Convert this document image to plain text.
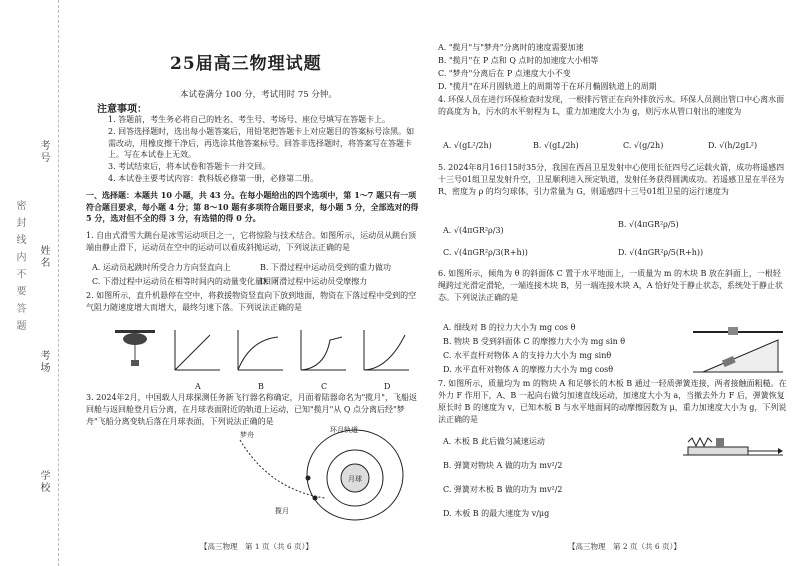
考号
姓名
考场
学校
密 封 线 内 不 要 答 题
25届高三物理试题
本试卷满分 100 分，考试用时 75 分钟。
注意事项：
1. 答题前，考生务必将自己的姓名、考生号、考场号、座位号填写在答题卡上。
2. 回答选择题时，选出每小题答案后，用铅笔把答题卡上对应题目的答案标号涂黑。如需改动，用橡皮擦干净后，再选涂其他答案标号。回答非选择题时，将答案写在答题卡上。写在本试卷上无效。
3. 考试结束后，将本试卷和答题卡一并交回。
4. 本试卷主要考试内容：教科版必修第一册，必修第二册。
一、选择题：本题共 10 小题，共 43 分。在每小题给出的四个选项中，第 1～7 题只有一项符合题目要求，每小题 4 分；第 8～10 题有多项符合题目要求，每小题 5 分，全部选对的得 5 分，选对但不全的得 3 分，有选错的得 0 分。
1. 自由式滑雪大跳台是冰雪运动项目之一，它将惊险与技术结合。如图所示，运动员从跳台顶端由静止滑下，运动员在空中的运动可以看成斜抛运动，下列说法正确的是
A. 运动员起跳时所受合力方向竖直向上	B. 下滑过程中运动员受到的重力做功
C. 下滑过程中运动员在相等时间内的动量变化量相同
D. 下滑过程中运动员受摩擦力
2. 如图所示，直升机悬停在空中，将救援物资竖直向下放到地面，物资在下落过程中受到的空气阻力随速度增大而增大，最终匀速下落。下列说法正确的是
A	B	C	D
3. 2024年2月，中国载人月球探测任务新飞行器名称确定，月面着陆器命名为"揽月"，飞船返回舱与返回舱登月后分离，在月球表面附近的轨道上运动，已知"揽月"从 Q 点分离后经"梦舟"飞船分离变轨后落在月球表面，下列说法正确的是
梦舟
环月轨道
月球
揽月
【高三物理　第 1 页（共 6 页）】
A. "揽月"与"梦舟"分离时的速度需要加速
B. "揽月"在 P 点和 Q 点时的加速度大小相等
C. "梦舟"分离后在 P 点速度大小不变
D. "揽月"在环月圆轨道上的周期等于在环月椭圆轨道上的周期
4. 环保人员在进行环保检查时发现，一根排污管正在向外排放污水。环保人员测出管口中心离水面的高度为 h，污水的水平射程为 L，重力加速度大小为 g，则污水从管口射出的速度为
A. √(gL²/2h)	B. √(gL/2h)	C. √(g/2h)	D. √(h/2gL²)
5. 2024年8月16日15时35分，我国在西昌卫星发射中心使用长征四号乙运载火箭，成功将遥感四十三号01组卫星发射升空，卫星顺利进入预定轨道，发射任务获得圆满成功。若遥感卫星在半径为 R、密度为 ρ 的均匀球体，引力常量为 G，则遥感四十三号01组卫星的运行速度为
A. √(4πGR²ρ/3)
B. √(4πGR²ρ/5)
C. √(4πGR²ρ/3(R+h))	D. √(4πGR²ρ/5(R+h))
6. 如图所示，倾角为 θ 的斜面体 C 置于水平地面上，一质量为 m 的木块 B 放在斜面上，一根轻绳跨过光滑定滑轮，一端连接木块 B，另一端连接木块 A，A 恰好处于静止状态，系统处于静止状态。下列说法正确的是
A. 细线对 B 的拉力大小为 mg cos θ
B. 物块 B 受到斜面体 C 的摩擦力大小为 mg sin θ
C. 水平直杆对物体 A 的支持力大小为 mg sinθ
D. 水平直杆对物体 A 的摩擦力大小为 mg cosθ
7. 如图所示，质量均为 m 的物块 A 和足够长的木板 B 通过一轻质弹簧连接，两者接触面粗糙。在外力 F 作用下，A、B 一起向右做匀加速直线运动，加速度大小为 a，当撤去外力 F 后，弹簧恢复原长时 B 的速度为 v，已知木板 B 与水平地面间的动摩擦因数为 μ，重力加速度大小为 g，下列说法正确的是
A. 木板 B 此后做匀减速运动
B. 弹簧对物块 A 做的功为 mv²/2
C. 弹簧对木板 B 做的功为 mv²/2
D. 木板 B 的最大速度为 v/μg
【高三物理　第 2 页（共 6 页）】
